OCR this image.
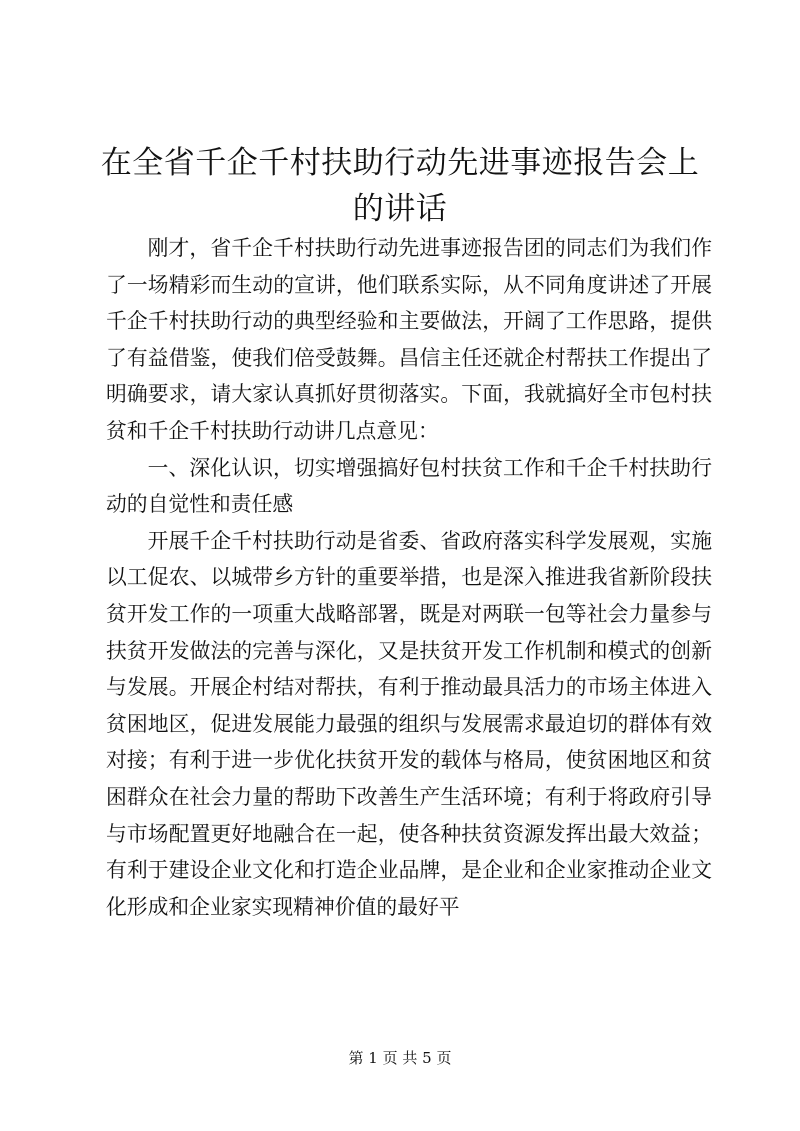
在全省千企千村扶助行动先进事迹报告会上的讲话

刚才，省千企千村扶助行动先进事迹报告团的同志们为我们作了一场精彩而生动的宣讲，他们联系实际，从不同角度讲述了开展千企千村扶助行动的典型经验和主要做法，开阔了工作思路，提供了有益借鉴，使我们倍受鼓舞。昌信主任还就企村帮扶工作提出了明确要求，请大家认真抓好贯彻落实。下面，我就搞好全市包村扶贫和千企千村扶助行动讲几点意见：

一、深化认识，切实增强搞好包村扶贫工作和千企千村扶助行动的自觉性和责任感

开展千企千村扶助行动是省委、省政府落实科学发展观，实施以工促农、以城带乡方针的重要举措，也是深入推进我省新阶段扶贫开发工作的一项重大战略部署，既是对两联一包等社会力量参与扶贫开发做法的完善与深化，又是扶贫开发工作机制和模式的创新与发展。开展企村结对帮扶，有利于推动最具活力的市场主体进入贫困地区，促进发展能力最强的组织与发展需求最迫切的群体有效对接；有利于进一步优化扶贫开发的载体与格局，使贫困地区和贫困群众在社会力量的帮助下改善生产生活环境；有利于将政府引导与市场配置更好地融合在一起，使各种扶贫资源发挥出最大效益；有利于建设企业文化和打造企业品牌，是企业和企业家推动企业文化形成和企业家实现精神价值的最好平

第 1 页 共 5 页
